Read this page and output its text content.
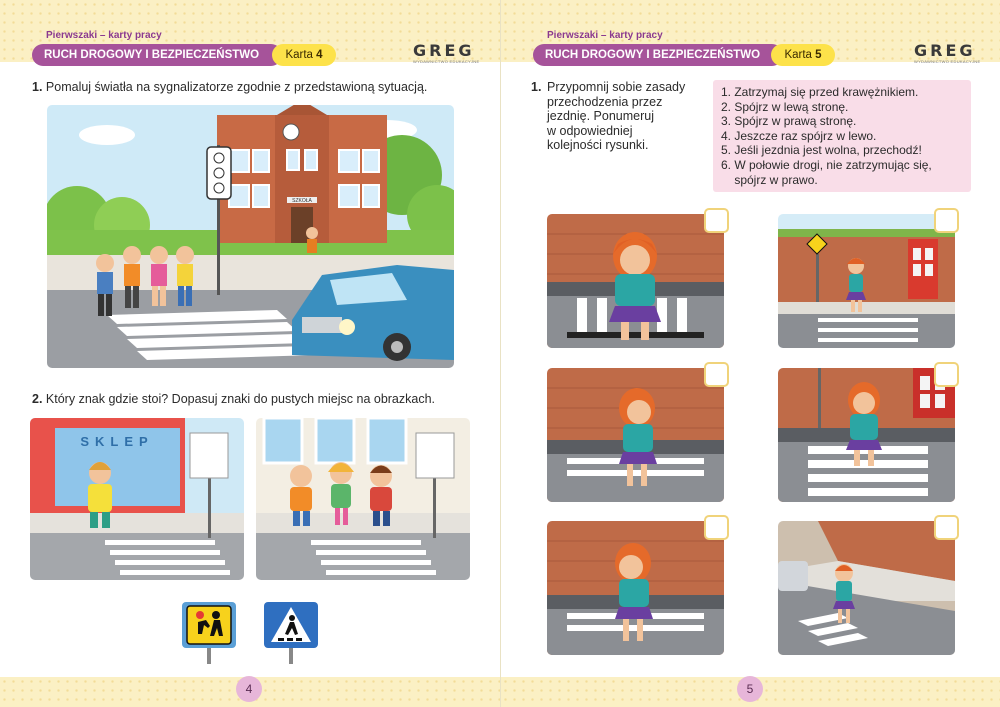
Pierwszaki – karty pracy
RUCH DROGOWY I BEZPIECZEŃSTWO	Karta 4	GREG
WYDAWNICTWO EDUKACYJNE
1. Pomaluj światła na sygnalizatorze zgodnie z przedstawioną sytuacją.
SZKOŁA
2. Który znak gdzie stoi? Dopasuj znaki do pustych miejsc na obrazkach.
SKLEP
4
Pierwszaki – karty pracy
RUCH DROGOWY I BEZPIECZEŃSTWO	Karta 5	GREG
WYDAWNICTWO EDUKACYJNE
1. Przypomnij sobie zasady
przechodzenia przez
jezdnię. Ponumeruj
w odpowiedniej
kolejności rysunki.
1. Zatrzymaj się przed krawężnikiem.
2. Spójrz w lewą stronę.
3. Spójrz w prawą stronę.
4. Jeszcze raz spójrz w lewo.
5. Jeśli jezdnia jest wolna, przechodź!
6. W połowie drogi, nie zatrzymując się,
spójrz w prawo.
5
